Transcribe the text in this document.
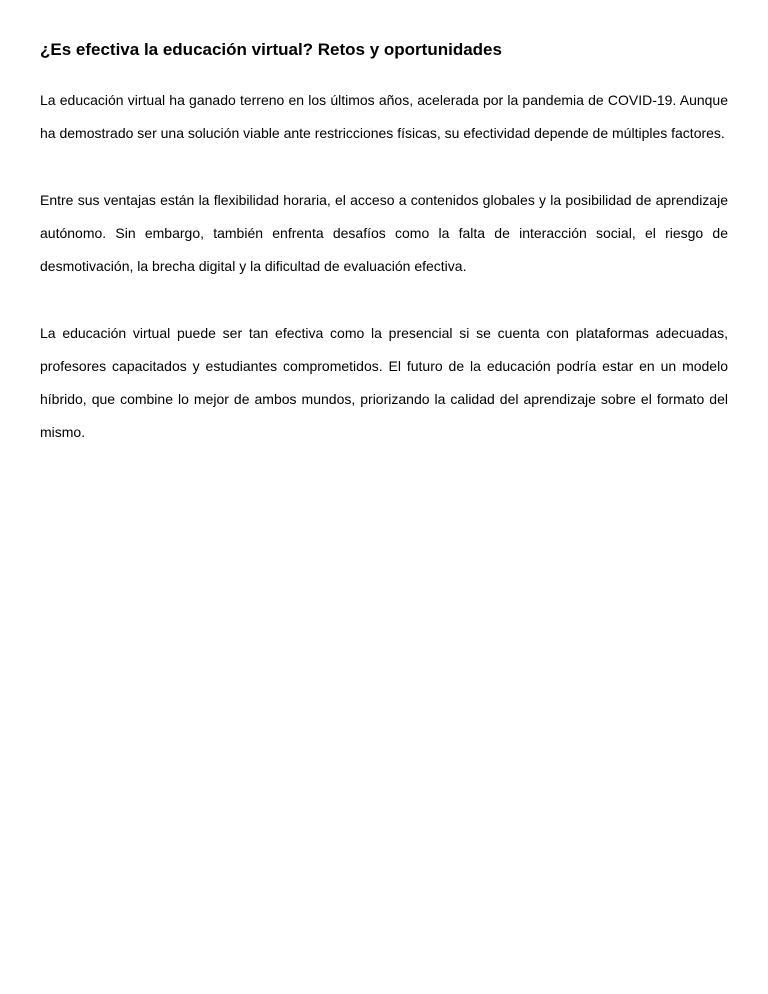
¿Es efectiva la educación virtual? Retos y oportunidades

La educación virtual ha ganado terreno en los últimos años, acelerada por la pandemia de COVID-19. Aunque ha demostrado ser una solución viable ante restricciones físicas, su efectividad depende de múltiples factores.

Entre sus ventajas están la flexibilidad horaria, el acceso a contenidos globales y la posibilidad de aprendizaje autónomo. Sin embargo, también enfrenta desafíos como la falta de interacción social, el riesgo de desmotivación, la brecha digital y la dificultad de evaluación efectiva.

La educación virtual puede ser tan efectiva como la presencial si se cuenta con plataformas adecuadas, profesores capacitados y estudiantes comprometidos. El futuro de la educación podría estar en un modelo híbrido, que combine lo mejor de ambos mundos, priorizando la calidad del aprendizaje sobre el formato del mismo.
